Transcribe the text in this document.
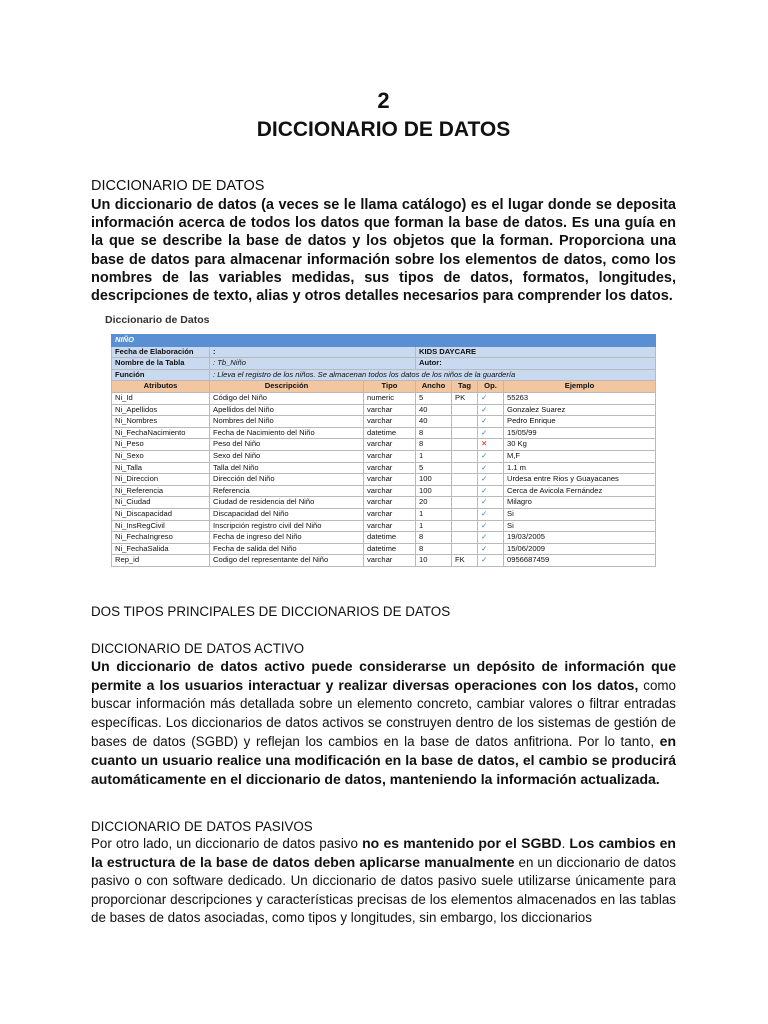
2
DICCIONARIO DE DATOS
DICCIONARIO DE DATOS
Un diccionario de datos (a veces se le llama catálogo) es el lugar donde se deposita información acerca de todos los datos que forman la base de datos. Es una guía en la que se describe la base de datos y los objetos que la forman. Proporciona una base de datos para almacenar información sobre los elementos de datos, como los nombres de las variables medidas, sus tipos de datos, formatos, longitudes, descripciones de texto, alias y otros detalles necesarios para comprender los datos.
Diccionario de Datos
NIÑO						
Fecha de Elaboración	:		KIDS DAYCARE			
Nombre de la Tabla	: Tb_Niño		Autor:			
Función	: Lleva el registro de los niños. Se almacenan todos los datos de los niños de la guardería					
Atributos	Descripción	Tipo	Ancho	Tag	Op.	Ejemplo
Ni_Id	Código del Niño	numeric	5	PK	✓	55263
Ni_Apellidos	Apellidos del Niño	varchar	40		✓	Gonzalez Suarez
Ni_Nombres	Nombres del Niño	varchar	40		✓	Pedro Enrique
Ni_FechaNacimiento	Fecha de Nacimiento del Niño	datetime	8		✓	15/05/99
Ni_Peso	Peso del Niño	varchar	8		✕	30 Kg
Ni_Sexo	Sexo del Niño	varchar	1		✓	M,F
Ni_Talla	Talla del Niño	varchar	5		✓	1.1 m
Ni_Direccion	Dirección del Niño	varchar	100		✓	Urdesa entre Rios y Guayacanes
Ni_Referencia	Referencia	varchar	100		✓	Cerca de Avicola Fernández
Ni_Ciudad	Ciudad de residencia del Niño	varchar	20		✓	Milagro
Ni_Discapacidad	Discapacidad del Niño	varchar	1		✓	Si
Ni_InsRegCivil	Inscripción registro civil del Niño	varchar	1		✓	Si
Ni_FechaIngreso	Fecha de ingreso del Niño	datetime	8		✓	19/03/2005
Ni_FechaSalida	Fecha de salida del Niño	datetime	8		✓	15/06/2009
Rep_id	Codigo del representante del Niño	varchar	10	FK	✓	0956687459
DOS TIPOS PRINCIPALES DE DICCIONARIOS DE DATOS
DICCIONARIO DE DATOS ACTIVO
Un diccionario de datos activo puede considerarse un depósito de información que permite a los usuarios interactuar y realizar diversas operaciones con los datos, como buscar información más detallada sobre un elemento concreto, cambiar valores o filtrar entradas específicas. Los diccionarios de datos activos se construyen dentro de los sistemas de gestión de bases de datos (SGBD) y reflejan los cambios en la base de datos anfitriona. Por lo tanto, en cuanto un usuario realice una modificación en la base de datos, el cambio se producirá automáticamente en el diccionario de datos, manteniendo la información actualizada.
DICCIONARIO DE DATOS PASIVOS
Por otro lado, un diccionario de datos pasivo no es mantenido por el SGBD. Los cambios en la estructura de la base de datos deben aplicarse manualmente en un diccionario de datos pasivo o con software dedicado. Un diccionario de datos pasivo suele utilizarse únicamente para proporcionar descripciones y características precisas de los elementos almacenados en las tablas de bases de datos asociadas, como tipos y longitudes, sin embargo, los diccionarios
